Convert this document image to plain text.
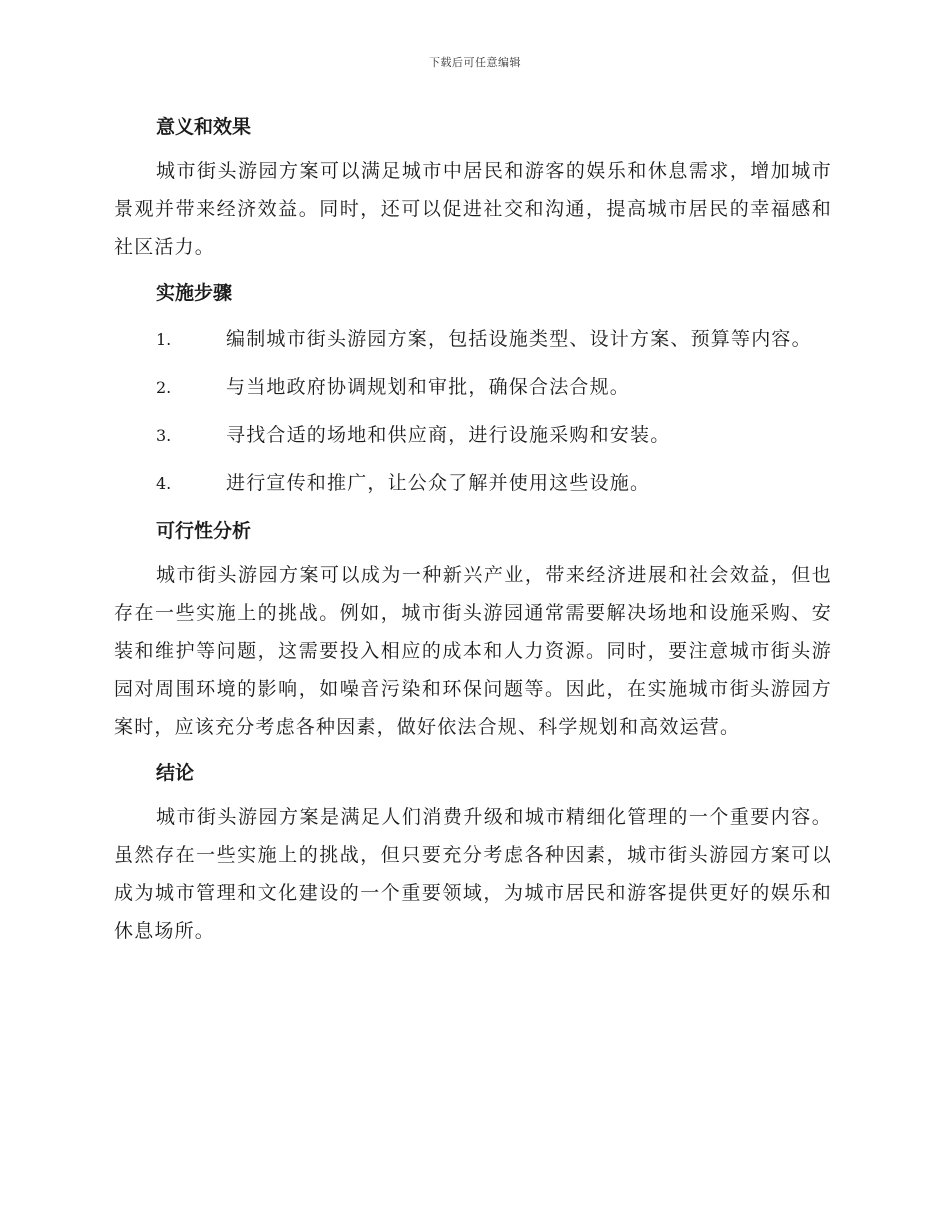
下载后可任意编辑
意义和效果

城市街头游园方案可以满足城市中居民和游客的娱乐和休息需求，增加城市景观并带来经济效益。同时，还可以促进社交和沟通，提高城市居民的幸福感和社区活力。

实施步骤

1.	编制城市街头游园方案，包括设施类型、设计方案、预算等内容。

2.	与当地政府协调规划和审批，确保合法合规。

3.	寻找合适的场地和供应商，进行设施采购和安装。

4.	进行宣传和推广，让公众了解并使用这些设施。

可行性分析

城市街头游园方案可以成为一种新兴产业，带来经济进展和社会效益，但也存在一些实施上的挑战。例如，城市街头游园通常需要解决场地和设施采购、安装和维护等问题，这需要投入相应的成本和人力资源。同时，要注意城市街头游园对周围环境的影响，如噪音污染和环保问题等。因此，在实施城市街头游园方案时，应该充分考虑各种因素，做好依法合规、科学规划和高效运营。

结论

城市街头游园方案是满足人们消费升级和城市精细化管理的一个重要内容。虽然存在一些实施上的挑战，但只要充分考虑各种因素，城市街头游园方案可以成为城市管理和文化建设的一个重要领域，为城市居民和游客提供更好的娱乐和休息场所。
